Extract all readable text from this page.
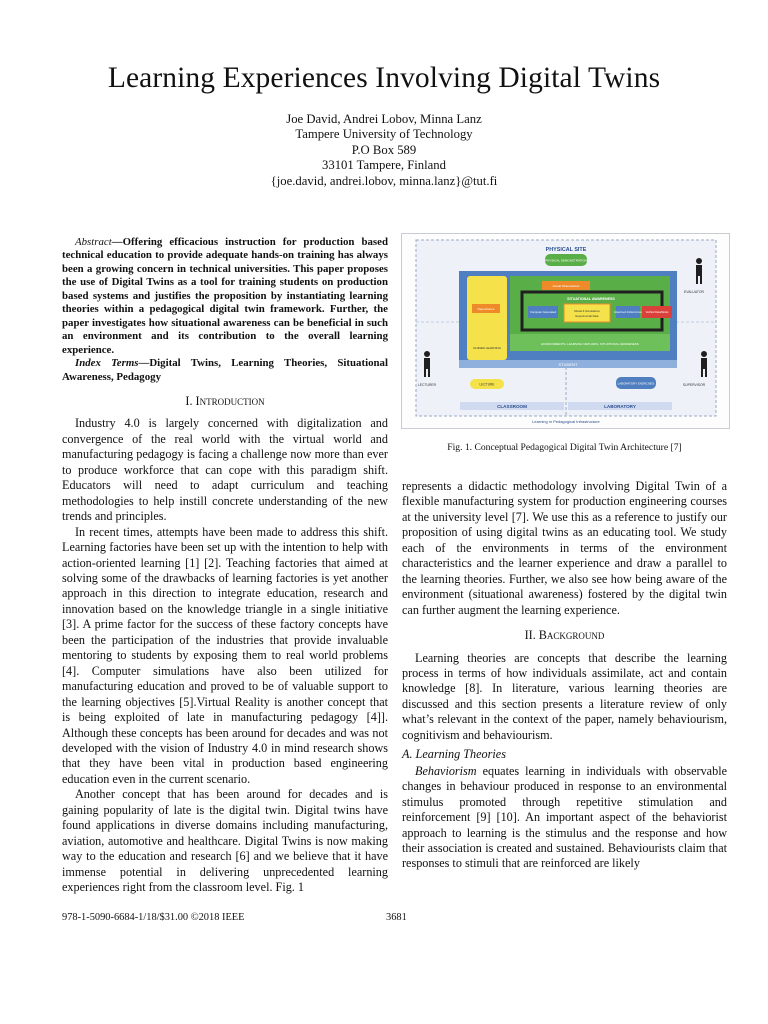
Learning Experiences Involving Digital Twins
Joe David, Andrei Lobov, Minna Lanz
Tampere University of Technology
P.O Box 589
33101 Tampere, Finland
{joe.david, andrei.lobov, minna.lanz}@tut.fi

Abstract—Offering efficacious instruction for production based technical education to provide adequate hands-on training has always been a growing concern in technical universities. This paper proposes the use of Digital Twins as a tool for training students on production based systems and justifies the proposition by instantiating learning theories within a pedagogical digital twin framework. Further, the paper investigates how situational awareness can be beneficial in such an environment and its contribution to the overall learning experience.

Index Terms—Digital Twins, Learning Theories, Situational Awareness, Pedagogy

I. Introduction

Industry 4.0 is largely concerned with digitalization and convergence of the real world with the virtual world and manufacturing pedagogy is facing a challenge now more than ever to produce workforce that can cope with this paradigm shift. Educators will need to adapt curriculum and teaching methodologies to help instill concrete understanding of the new trends and principles.

In recent times, attempts have been made to address this shift. Learning factories have been set up with the intention to help with action-oriented learning [1] [2]. Teaching factories that aimed at solving some of the drawbacks of learning factories is yet another approach in this direction to integrate education, research and innovation based on the knowledge triangle in a single initiative [3]. A prime factor for the success of these factory concepts have been the participation of the industries that provide invaluable mentoring to students by exposing them to real world problems [4]. Computer simulations have also been utilized for manufacturing education and proved to be of valuable support to the learning objectives [5].Virtual Reality is another concept that is being exploited of late in manufacturing pedagogy [4]]. Although these concepts has been around for decades and was not developed with the vision of Industry 4.0 in mind research shows that they have been vital in production based engineering education even in the current scenario.

Another concept that has been around for decades and is gaining popularity of late is the digital twin. Digital twins have found applications in diverse domains including manufacturing, aviation, automotive and healthcare. Digital Twins is now making way to the education and research [6] and we believe that it have immense potential in delivering unprecedented learning experiences right from the classroom level. Fig. 1

PHYSICAL SITE
PHYSICAL DEMONSTRATION
Repositories
GUIDED LEARNING
Actual Observations
SITUATIONAL AWARENESS
Computer Generated	Model & Simulations
Experimental Data
Experiment Follow Across	Verified Data/Model
ENVIRONMENTS, LEARNING METHODS, SITUATIONAL AWARENESS
STUDENT
EVALUATOR
LECTURER	SUPERVISOR
LECTURE	LABORATORY EXERCISES
CLASSROOM	LABORATORY
Learning in Pedagogical Infrastructure
Fig. 1. Conceptual Pedagogical Digital Twin Architecture [7]

represents a didactic methodology involving Digital Twin of a flexible manufacturing system for production engineering courses at the university level [7]. We use this as a reference to justify our proposition of using digital twins as an educating tool. We study each of the environments in terms of the environment characteristics and the learner experience and draw a parallel to the learning theories. Further, we also see how being aware of the environment (situational awareness) fostered by the digital twin can further augment the learning experience.

II. Background

Learning theories are concepts that describe the learning process in terms of how individuals assimilate, act and contain knowledge [8]. In literature, various learning theories are discussed and this section presents a literature review of only what’s relevant in the context of the paper, namely behaviourism, cognitivism and behaviourism.

A. Learning Theories

Behaviorism equates learning in individuals with observable changes in behaviour produced in response to an environmental stimulus promoted through repetitive stimulation and reinforcement [9] [10]. An important aspect of the behaviorist approach to learning is the stimulus and the response and how their association is created and sustained. Behaviourists claim that responses to stimuli that are reinforced are likely

978-1-5090-6684-1/18/$31.00 ©2018 IEEE	3681
